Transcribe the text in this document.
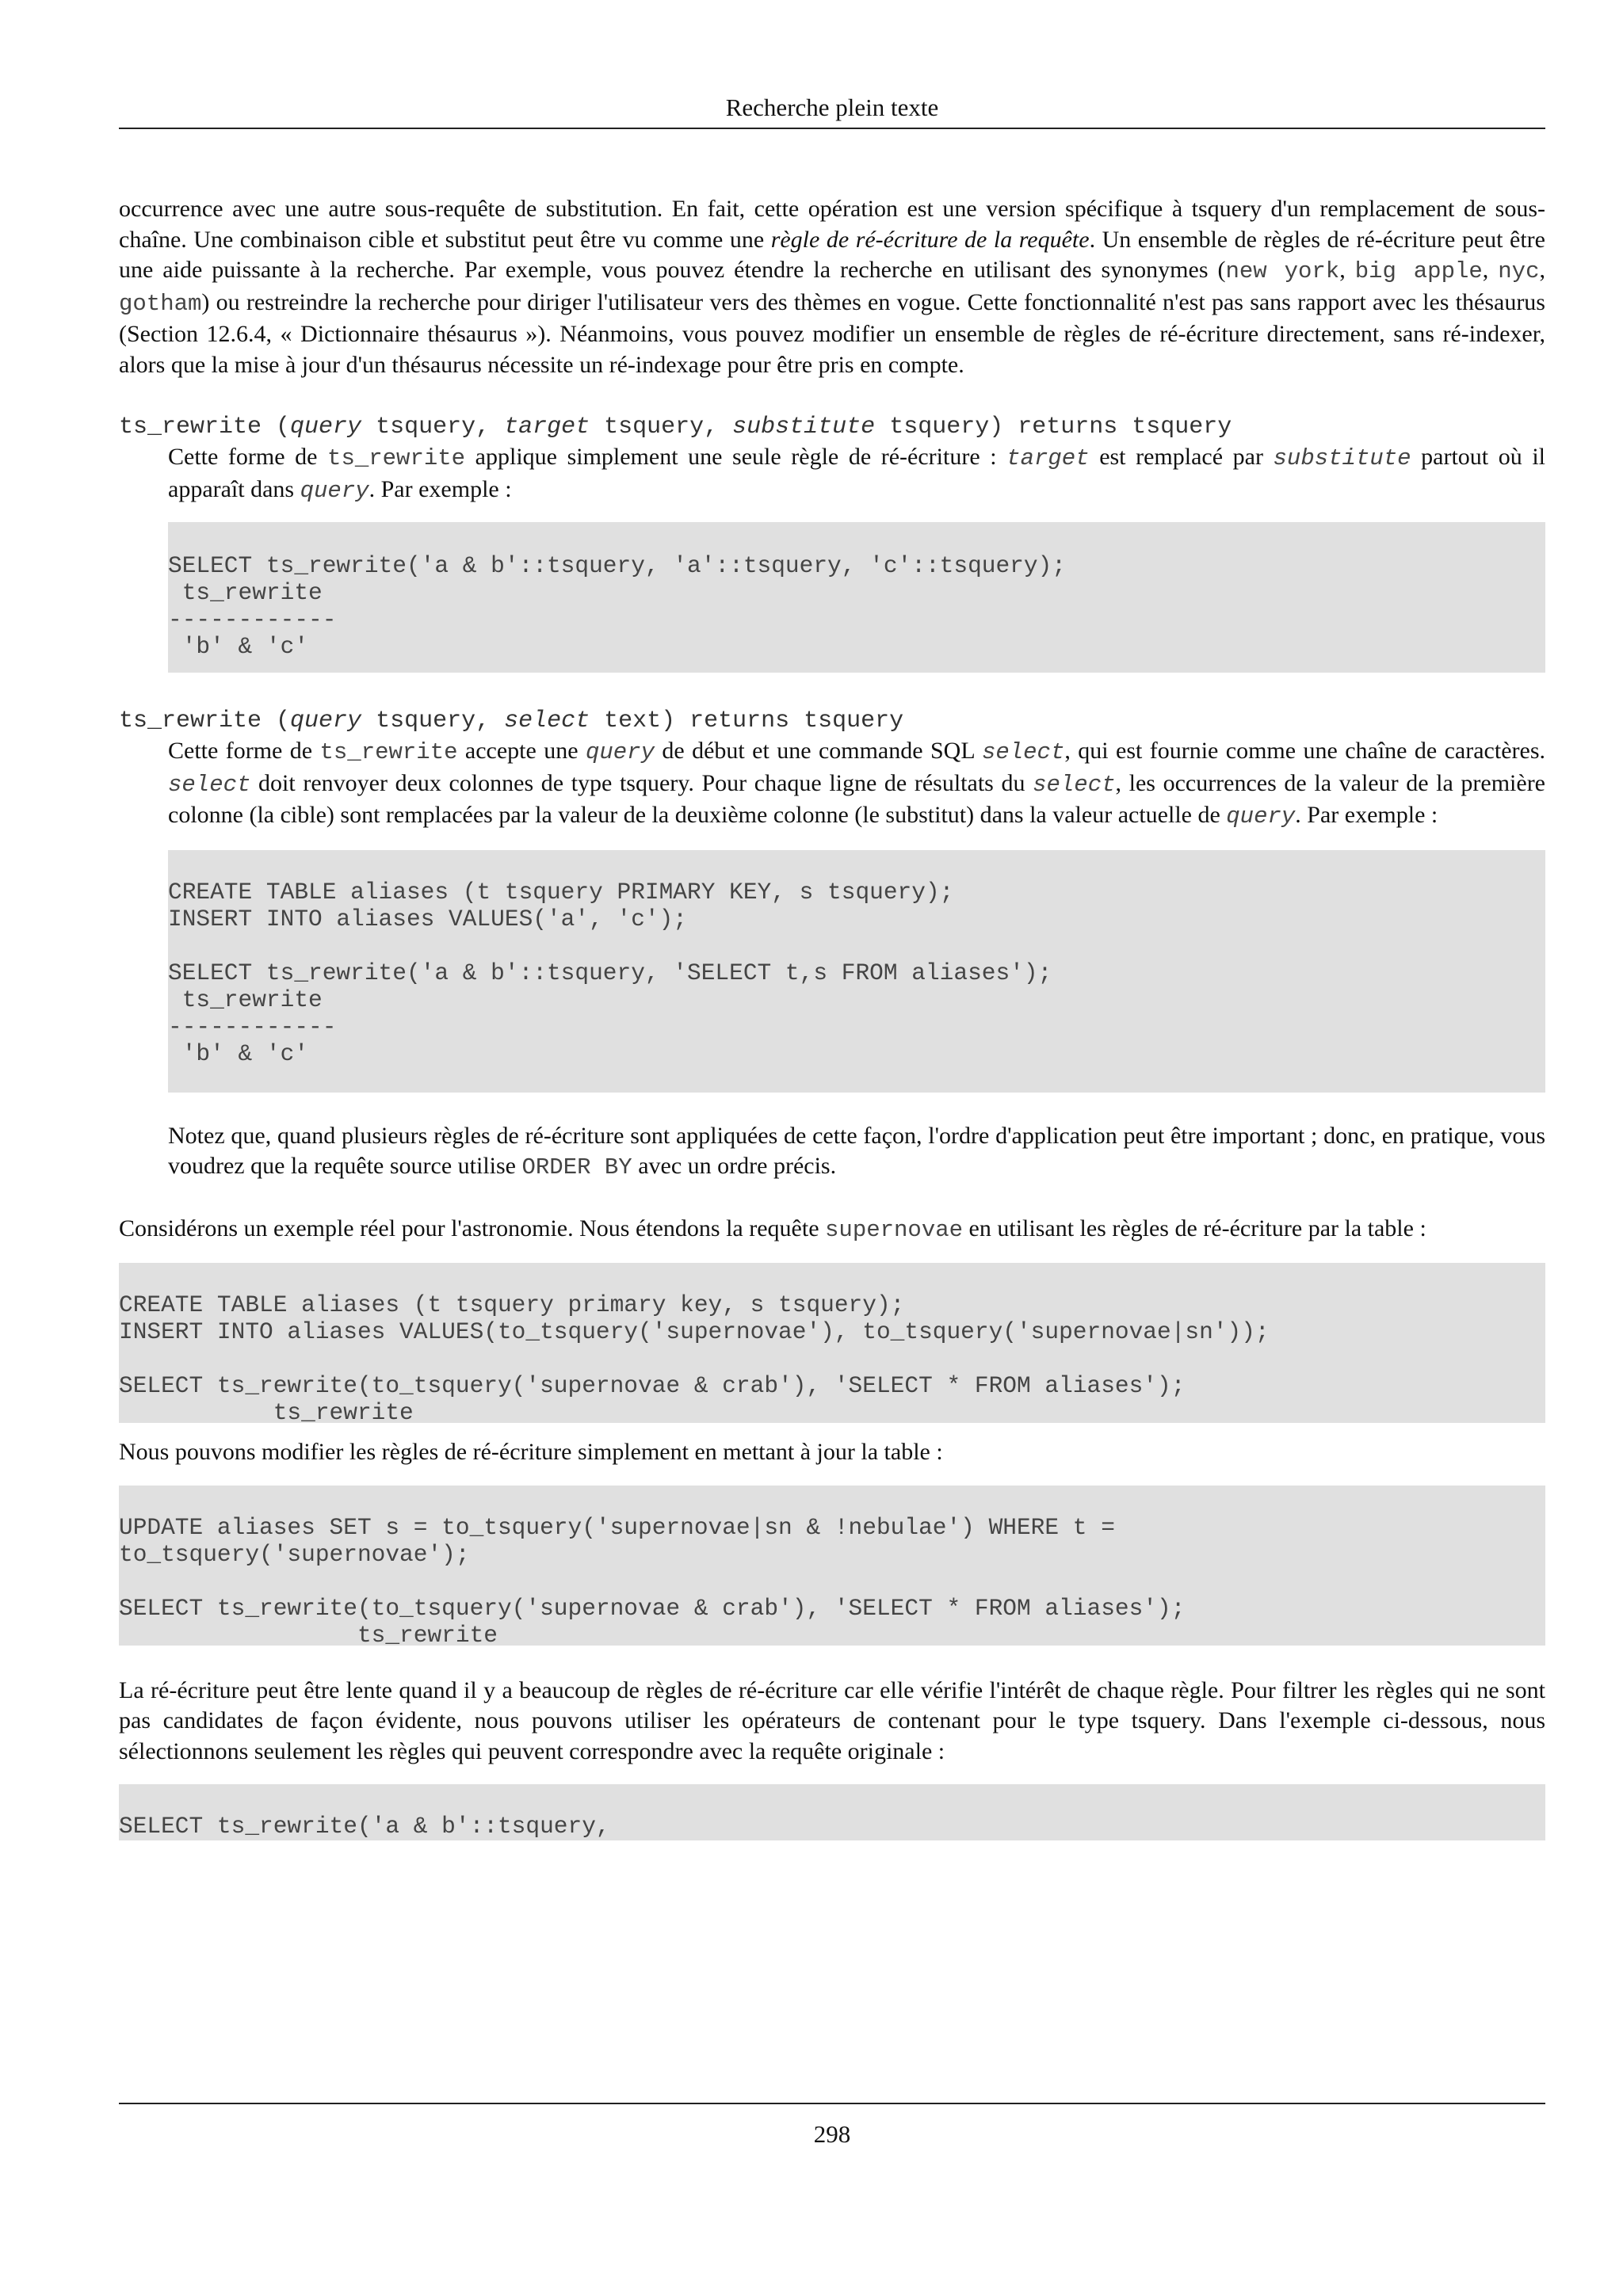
Recherche plein texte

occurrence avec une autre sous-requête de substitution. En fait, cette opération est une version spécifique à tsquery d'un remplacement de sous-chaîne. Une combinaison cible et substitut peut être vu comme une règle de ré-écriture de la requête. Un ensemble de règles de ré-écriture peut être une aide puissante à la recherche. Par exemple, vous pouvez étendre la recherche en utilisant des synonymes (new york, big apple, nyc, gotham) ou restreindre la recherche pour diriger l'utilisateur vers des thèmes en vogue. Cette fonctionnalité n'est pas sans rapport avec les thésaurus (Section 12.6.4, « Dictionnaire thésaurus »). Néanmoins, vous pouvez modifier un ensemble de règles de ré-écriture directement, sans ré-indexer, alors que la mise à jour d'un thésaurus nécessite un ré-indexage pour être pris en compte.

ts_rewrite (query tsquery, target tsquery, substitute tsquery) returns tsquery

Cette forme de ts_rewrite applique simplement une seule règle de ré-écriture : target est remplacé par substitute partout où il apparaît dans query. Par exemple :

SELECT ts_rewrite('a & b'::tsquery, 'a'::tsquery, 'c'::tsquery);
ts_rewrite
------------
'b' & 'c'
ts_rewrite (query tsquery, select text) returns tsquery

Cette forme de ts_rewrite accepte une query de début et une commande SQL select, qui est fournie comme une chaîne de caractères. select doit renvoyer deux colonnes de type tsquery. Pour chaque ligne de résultats du select, les occurrences de la valeur de la première colonne (la cible) sont remplacées par la valeur de la deuxième colonne (le substitut) dans la valeur actuelle de query. Par exemple :

CREATE TABLE aliases (t tsquery PRIMARY KEY, s tsquery);
INSERT INTO aliases VALUES('a', 'c');

SELECT ts_rewrite('a & b'::tsquery, 'SELECT t,s FROM aliases');
ts_rewrite
------------
'b' & 'c'

Notez que, quand plusieurs règles de ré-écriture sont appliquées de cette façon, l'ordre d'application peut être important ; donc, en pratique, vous voudrez que la requête source utilise ORDER BY avec un ordre précis.

Considérons un exemple réel pour l'astronomie. Nous étendons la requête supernovae en utilisant les règles de ré-écriture par la table :

CREATE TABLE aliases (t tsquery primary key, s tsquery);
INSERT INTO aliases VALUES(to_tsquery('supernovae'), to_tsquery('supernovae|sn'));

SELECT ts_rewrite(to_tsquery('supernovae & crab'), 'SELECT * FROM aliases');
ts_rewrite

Nous pouvons modifier les règles de ré-écriture simplement en mettant à jour la table :

UPDATE aliases SET s = to_tsquery('supernovae|sn & !nebulae') WHERE t =
to_tsquery('supernovae');

SELECT ts_rewrite(to_tsquery('supernovae & crab'), 'SELECT * FROM aliases');
ts_rewrite

La ré-écriture peut être lente quand il y a beaucoup de règles de ré-écriture car elle vérifie l'intérêt de chaque règle. Pour filtrer les règles qui ne sont pas candidates de façon évidente, nous pouvons utiliser les opérateurs de contenant pour le type tsquery. Dans l'exemple ci-dessous, nous sélectionnons seulement les règles qui peuvent correspondre avec la requête originale :

SELECT ts_rewrite('a & b'::tsquery,
298
